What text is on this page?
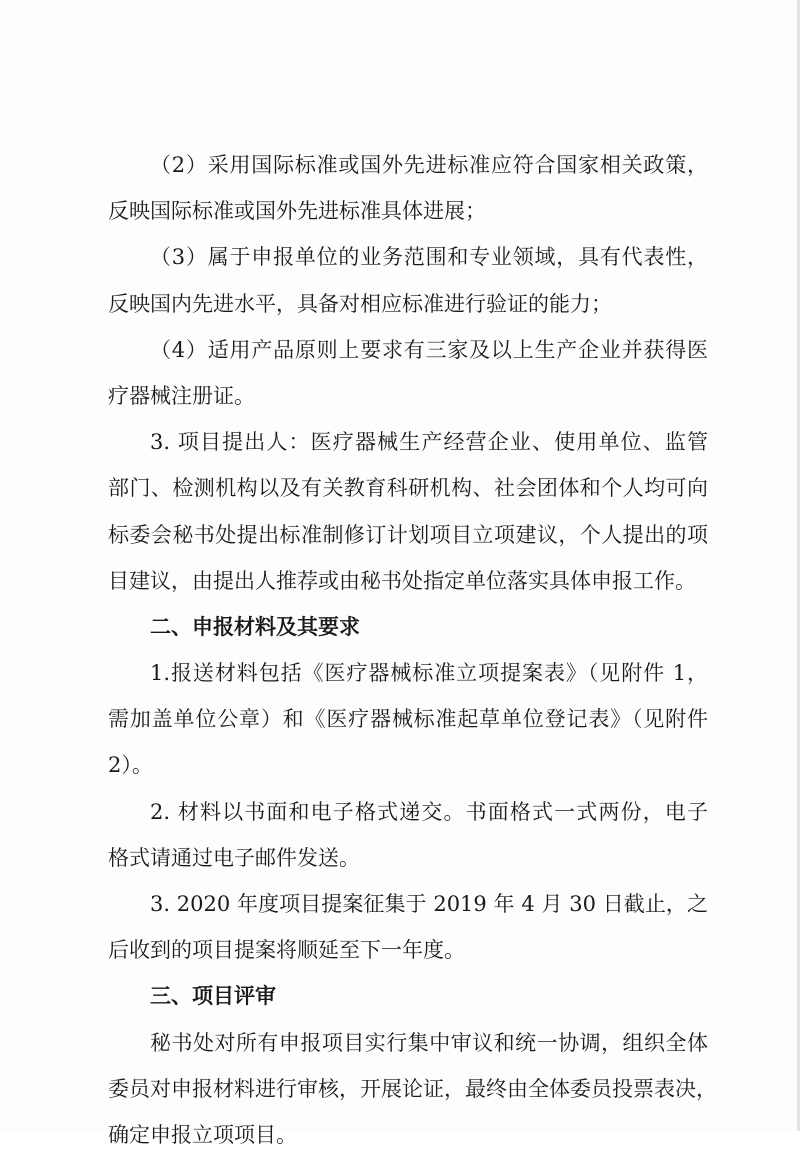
（2）采用国际标准或国外先进标准应符合国家相关政策，
反映国际标准或国外先进标准具体进展；
（3）属于申报单位的业务范围和专业领域，具有代表性，
反映国内先进水平，具备对相应标准进行验证的能力；
（4）适用产品原则上要求有三家及以上生产企业并获得医
疗器械注册证。
3. 项目提出人：医疗器械生产经营企业、使用单位、监管
部门、检测机构以及有关教育科研机构、社会团体和个人均可向
标委会秘书处提出标准制修订计划项目立项建议，个人提出的项
目建议，由提出人推荐或由秘书处指定单位落实具体申报工作。
二、申报材料及其要求
1.报送材料包括《医疗器械标准立项提案表》（见附件 1，
需加盖单位公章）和《医疗器械标准起草单位登记表》（见附件
2）。
2. 材料以书面和电子格式递交。书面格式一式两份，电子
格式请通过电子邮件发送。
3. 2020 年度项目提案征集于 2019 年 4 月 30 日截止，之
后收到的项目提案将顺延至下一年度。
三、项目评审
秘书处对所有申报项目实行集中审议和统一协调，组织全体
委员对申报材料进行审核，开展论证，最终由全体委员投票表决，
确定申报立项项目。
